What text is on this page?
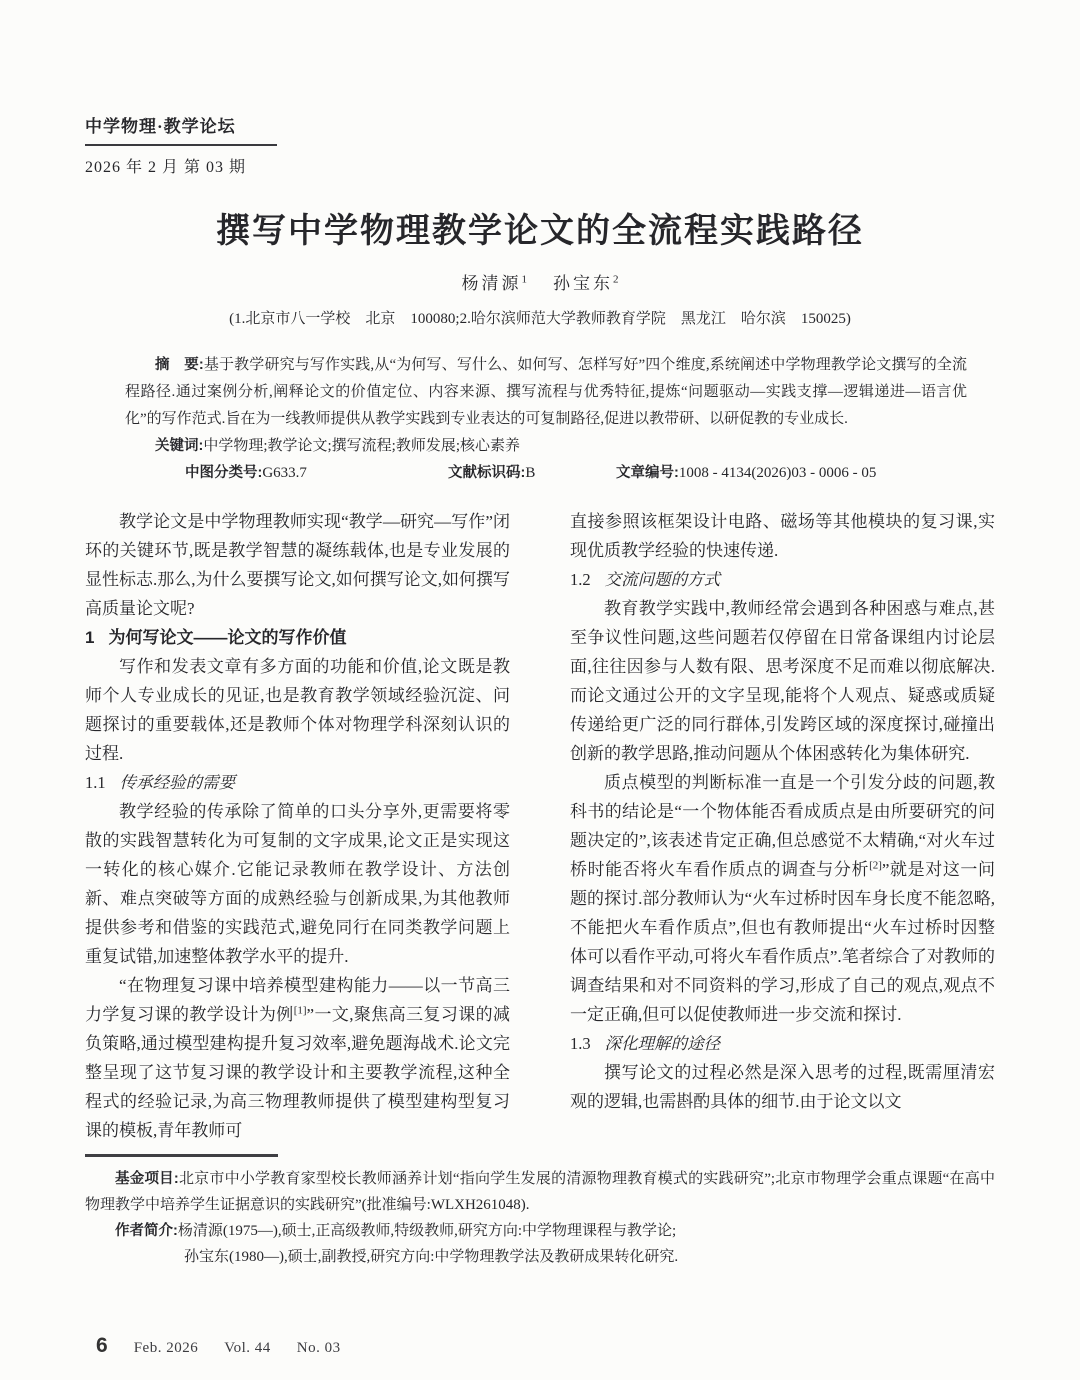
中学物理·教学论坛
2026 年 2 月 第 03 期
撰写中学物理教学论文的全流程实践路径
杨清源$^1$ 孙宝东$^2$
(1.北京市八一学校　北京　100080;2.哈尔滨师范大学教师教育学院　黑龙江　哈尔滨　150025)

摘　要:基于教学研究与写作实践,从“为何写、写什么、如何写、怎样写好”四个维度,系统阐述中学物理教学论文撰写的全流程路径.通过案例分析,阐释论文的价值定位、内容来源、撰写流程与优秀特征,提炼“问题驱动—实践支撑—逻辑递进—语言优化”的写作范式.旨在为一线教师提供从教学实践到专业表达的可复制路径,促进以教带研、以研促教的专业成长.

关键词:中学物理;教学论文;撰写流程;教师发展;核心素养

中图分类号:G633.7	文献标识码:B	文章编号:1008 - 4134(2026)03 - 0006 - 05

教学论文是中学物理教师实现“教学—研究—写作”闭环的关键环节,既是教学智慧的凝练载体,也是专业发展的显性标志.那么,为什么要撰写论文,如何撰写论文,如何撰写高质量论文呢?

1 为何写论文——论文的写作价值

写作和发表文章有多方面的功能和价值,论文既是教师个人专业成长的见证,也是教育教学领域经验沉淀、问题探讨的重要载体,还是教师个体对物理学科深刻认识的过程.

1.1 传承经验的需要

教学经验的传承除了简单的口头分享外,更需要将零散的实践智慧转化为可复制的文字成果,论文正是实现这一转化的核心媒介.它能记录教师在教学设计、方法创新、难点突破等方面的成熟经验与创新成果,为其他教师提供参考和借鉴的实践范式,避免同行在同类教学问题上重复试错,加速整体教学水平的提升.

“在物理复习课中培养模型建构能力——以一节高三力学复习课的教学设计为例[1]”一文,聚焦高三复习课的减负策略,通过模型建构提升复习效率,避免题海战术.论文完整呈现了这节复习课的教学设计和主要教学流程,这种全程式的经验记录,为高三物理教师提供了模型建构型复习课的模板,青年教师可

直接参照该框架设计电路、磁场等其他模块的复习课,实现优质教学经验的快速传递.

1.2 交流问题的方式

教育教学实践中,教师经常会遇到各种困惑与难点,甚至争议性问题,这些问题若仅停留在日常备课组内讨论层面,往往因参与人数有限、思考深度不足而难以彻底解决.而论文通过公开的文字呈现,能将个人观点、疑惑或质疑传递给更广泛的同行群体,引发跨区域的深度探讨,碰撞出创新的教学思路,推动问题从个体困惑转化为集体研究.

质点模型的判断标准一直是一个引发分歧的问题,教科书的结论是“一个物体能否看成质点是由所要研究的问题决定的”,该表述肯定正确,但总感觉不太精确,“对火车过桥时能否将火车看作质点的调查与分析[2]”就是对这一问题的探讨.部分教师认为“火车过桥时因车身长度不能忽略,不能把火车看作质点”,但也有教师提出“火车过桥时因整体可以看作平动,可将火车看作质点”.笔者综合了对教师的调查结果和对不同资料的学习,形成了自己的观点,观点不一定正确,但可以促使教师进一步交流和探讨.

1.3 深化理解的途径

撰写论文的过程必然是深入思考的过程,既需厘清宏观的逻辑,也需斟酌具体的细节.由于论文以文

基金项目:北京市中小学教育家型校长教师涵养计划“指向学生发展的清源物理教育模式的实践研究”;北京市物理学会重点课题“在高中物理教学中培养学生证据意识的实践研究”(批准编号:WLXH261048).

作者简介:杨清源(1975—),硕士,正高级教师,特级教师,研究方向:中学物理课程与教学论;

孙宝东(1980—),硕士,副教授,研究方向:中学物理教学法及教研成果转化研究.

6	Feb. 2026 Vol. 44 No. 03
